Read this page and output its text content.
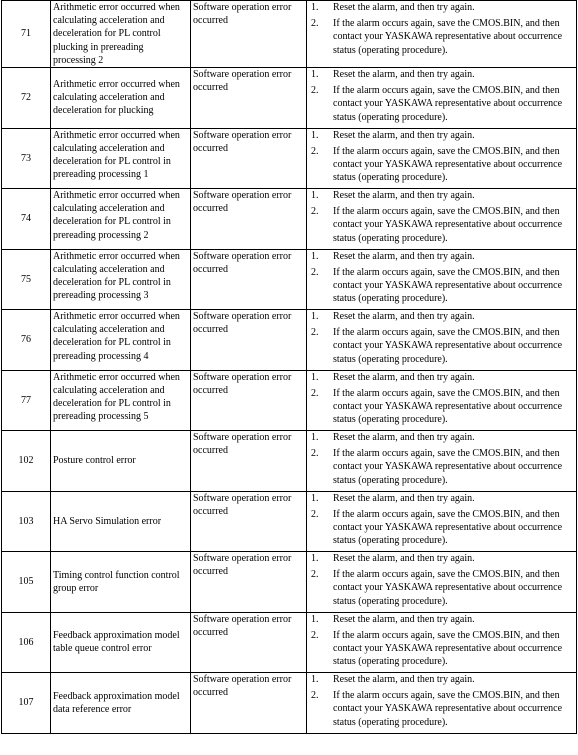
71	Arithmetic error occurred when calculating acceleration and deceleration for PL control plucking in prereading processing 2	Software operation error occurred	1. Reset the alarm, and then try again.
2. If the alarm occurs again, save the CMOS.BIN, and then contact your YASKAWA representative about occurrence status (operating procedure).

72	Arithmetic error occurred when calculating acceleration and deceleration for plucking	Software operation error occurred	1. Reset the alarm, and then try again.
2. If the alarm occurs again, save the CMOS.BIN, and then contact your YASKAWA representative about occurrence status (operating procedure).

73	Arithmetic error occurred when calculating acceleration and deceleration for PL control in prereading processing 1	Software operation error occurred	1. Reset the alarm, and then try again.
2. If the alarm occurs again, save the CMOS.BIN, and then contact your YASKAWA representative about occurrence status (operating procedure).

74	Arithmetic error occurred when calculating acceleration and deceleration for PL control in prereading processing 2	Software operation error occurred	1. Reset the alarm, and then try again.
2. If the alarm occurs again, save the CMOS.BIN, and then contact your YASKAWA representative about occurrence status (operating procedure).

75	Arithmetic error occurred when calculating acceleration and deceleration for PL control in prereading processing 3	Software operation error occurred	1. Reset the alarm, and then try again.
2. If the alarm occurs again, save the CMOS.BIN, and then contact your YASKAWA representative about occurrence status (operating procedure).

76	Arithmetic error occurred when calculating acceleration and deceleration for PL control in prereading processing 4	Software operation error occurred	1. Reset the alarm, and then try again.
2. If the alarm occurs again, save the CMOS.BIN, and then contact your YASKAWA representative about occurrence status (operating procedure).

77	Arithmetic error occurred when calculating acceleration and deceleration for PL control in prereading processing 5	Software operation error occurred	1. Reset the alarm, and then try again.
2. If the alarm occurs again, save the CMOS.BIN, and then contact your YASKAWA representative about occurrence status (operating procedure).

102	Posture control error	Software operation error occurred	1. Reset the alarm, and then try again.
2. If the alarm occurs again, save the CMOS.BIN, and then contact your YASKAWA representative about occurrence status (operating procedure).

103	HA Servo Simulation error	Software operation error occurred	1. Reset the alarm, and then try again.
2. If the alarm occurs again, save the CMOS.BIN, and then contact your YASKAWA representative about occurrence status (operating procedure).

105	Timing control function control group error	Software operation error occurred	1. Reset the alarm, and then try again.
2. If the alarm occurs again, save the CMOS.BIN, and then contact your YASKAWA representative about occurrence status (operating procedure).

106	Feedback approximation model table queue control error	Software operation error occurred	1. Reset the alarm, and then try again.
2. If the alarm occurs again, save the CMOS.BIN, and then contact your YASKAWA representative about occurrence status (operating procedure).

107	Feedback approximation model data reference error	Software operation error occurred	1. Reset the alarm, and then try again.
2. If the alarm occurs again, save the CMOS.BIN, and then contact your YASKAWA representative about occurrence status (operating procedure).
